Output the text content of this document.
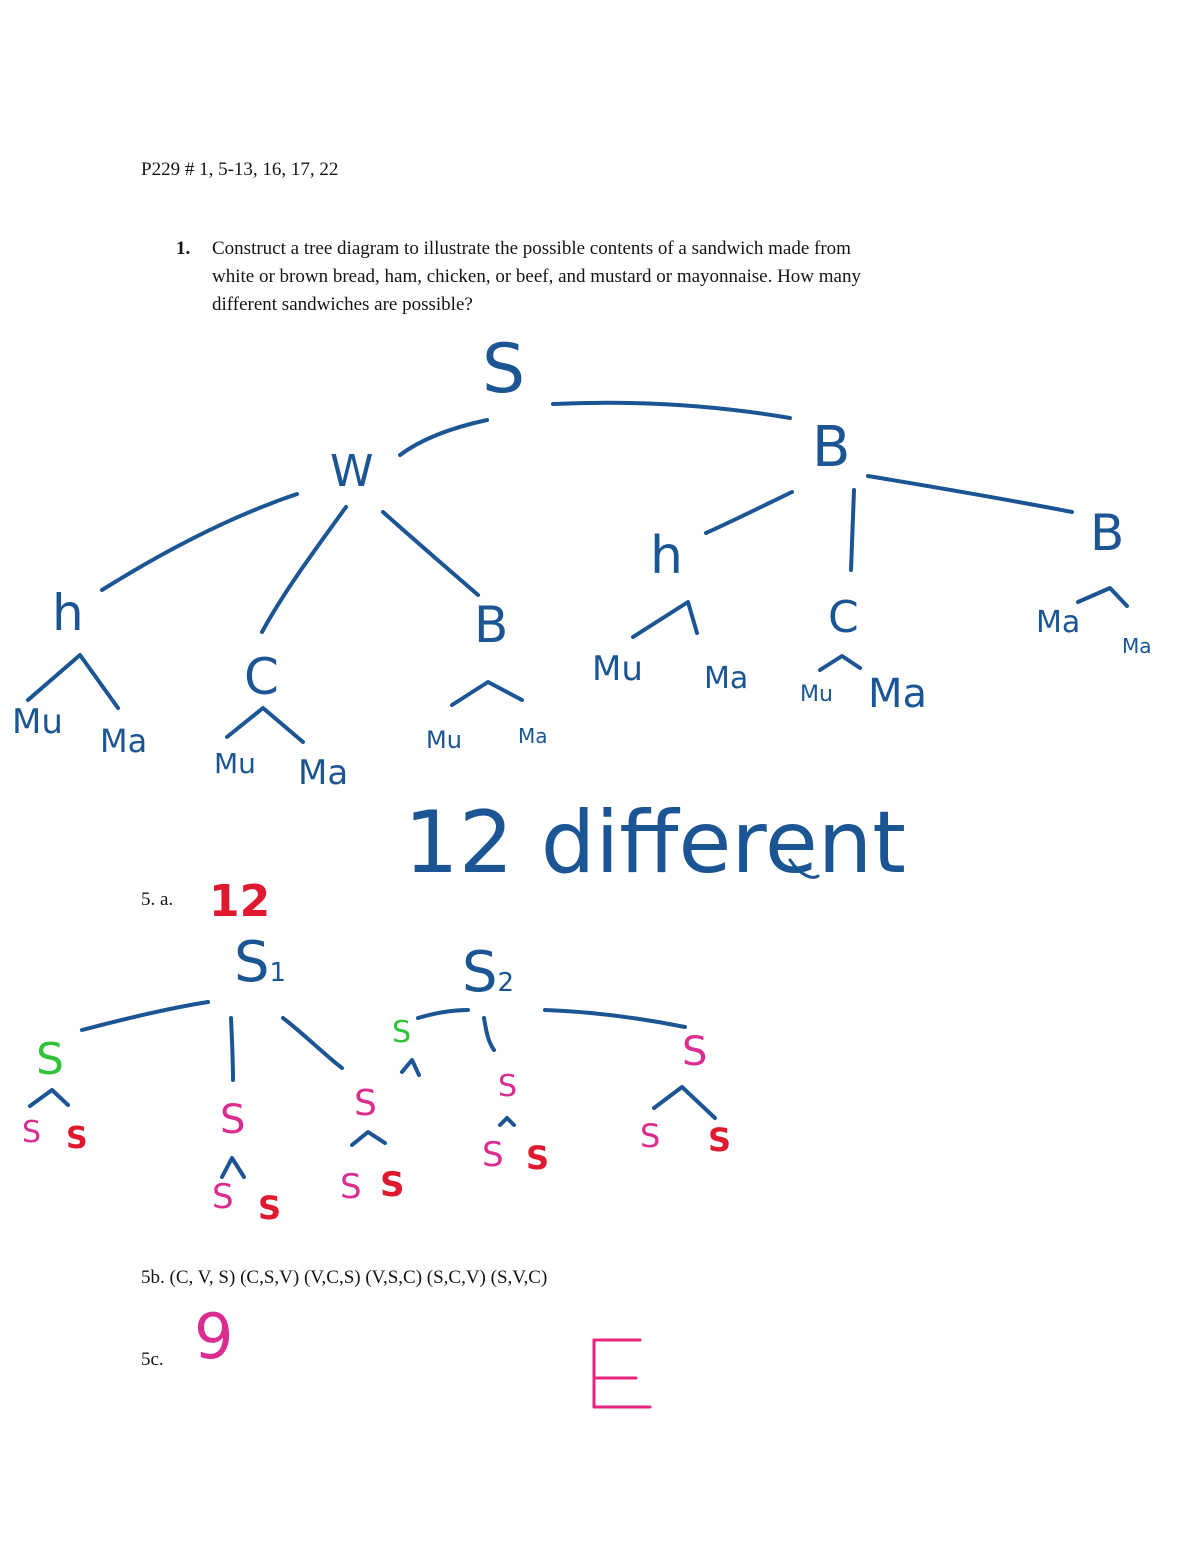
P229 # 1, 5-13, 16, 17, 22
1. Construct a tree diagram to illustrate the possible contents of a sandwich made from
white or brown bread, ham, chicken, or beef, and mustard or mayonnaise. How many
different sandwiches are possible?
5. a.
5b. (C, V, S) (C,S,V) (V,C,S) (V,S,C) (S,C,V) (S,V,C)
5c.
S
W	B
h
C
B
h
C
B
Mu Ma
Mu Ma
Mu	Ma
Mu Ma Mu Ma
Ma
Ma
12 different
12
S1	S2
S
S	S
S	S	S
S S
S S
S S
S S
S S
9
